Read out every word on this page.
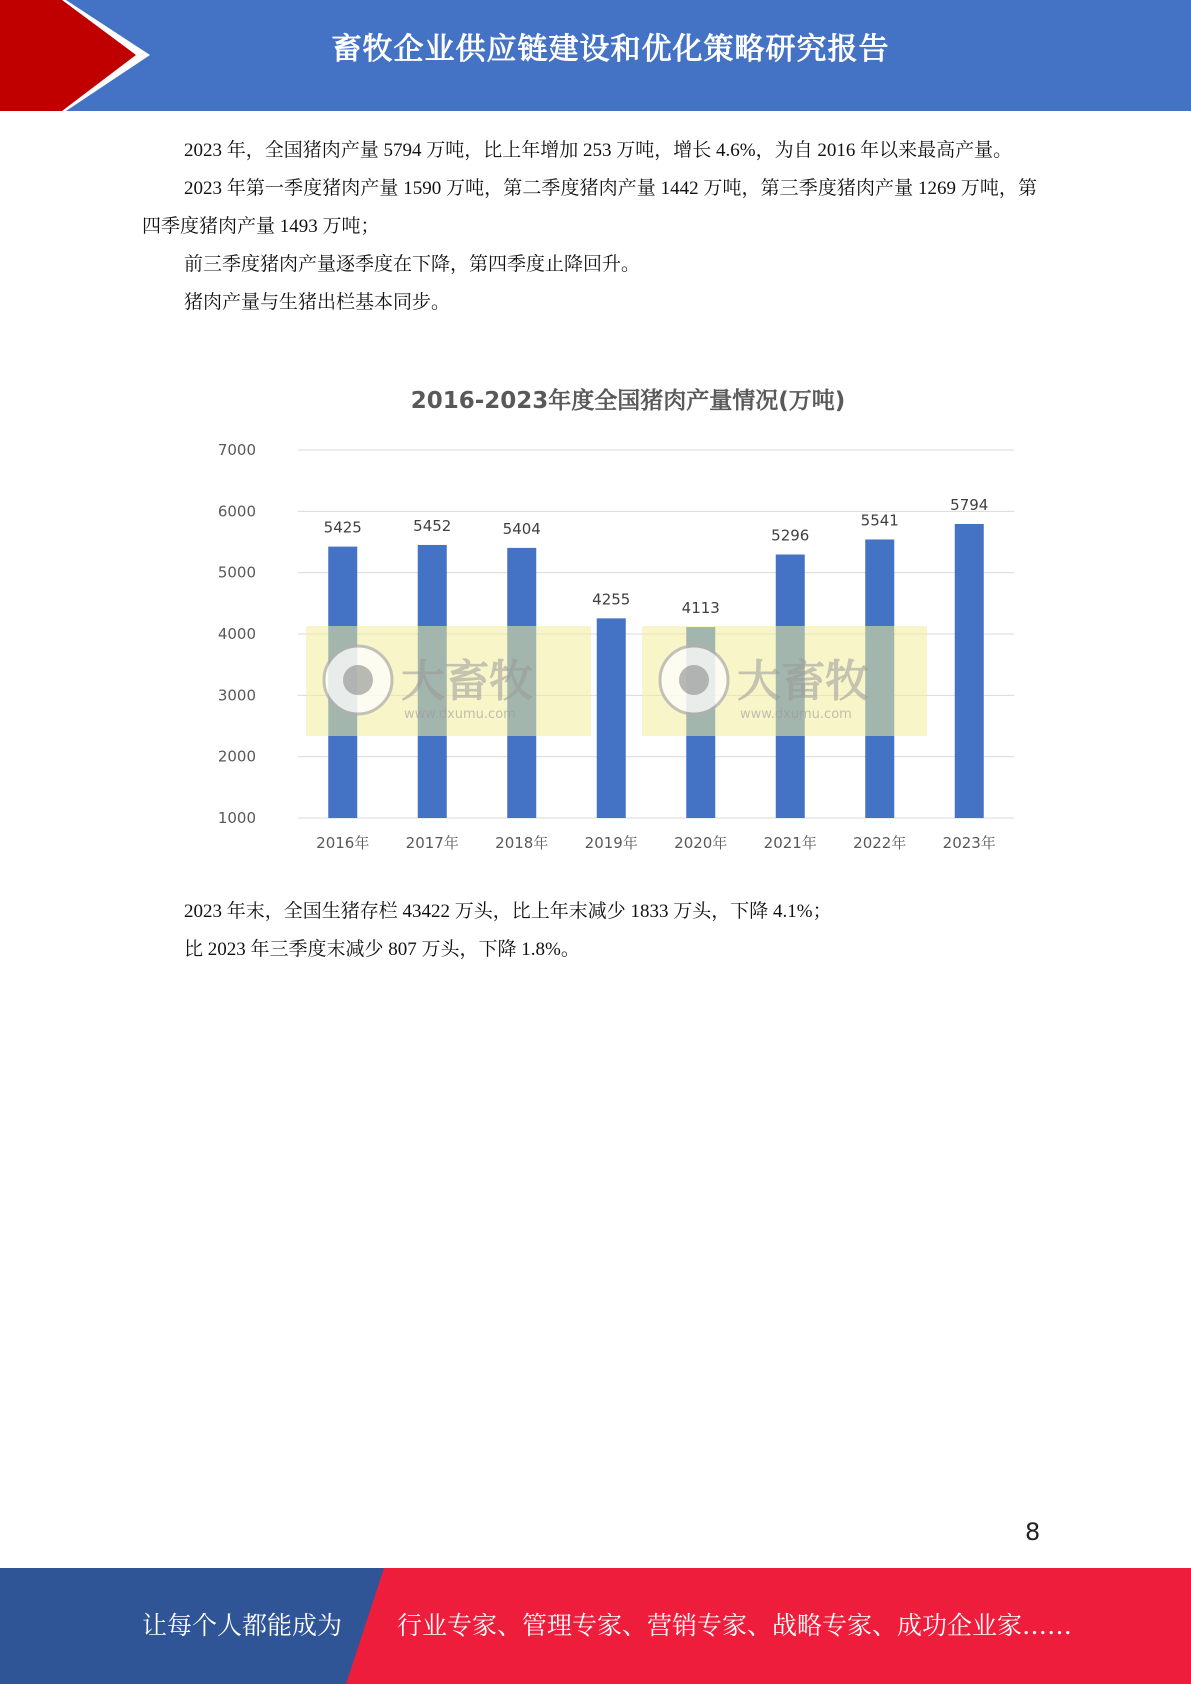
畜牧企业供应链建设和优化策略研究报告

2023 年，全国猪肉产量 5794 万吨，比上年增加 253 万吨，增长 4.6%，为自 2016 年以来最高产量。

2023 年第一季度猪肉产量 1590 万吨，第二季度猪肉产量 1442 万吨，第三季度猪肉产量 1269 万吨，第四季度猪肉产量 1493 万吨；

前三季度猪肉产量逐季度在下降，第四季度止降回升。

猪肉产量与生猪出栏基本同步。

2016-2023年度全国猪肉产量情况(万吨)
1000
2000
3000
4000
5000
6000
7000
大畜牧
www.dxumu.com
大畜牧
www.dxumu.com
5425	5452	5404
4255	4113
5296
5541
5794
2016年 2017年 2018年 2019年 2020年 2021年 2022年 2023年

2023 年末，全国生猪存栏 43422 万头，比上年末减少 1833 万头，下降 4.1%；

比 2023 年三季度末减少 807 万头，下降 1.8%。

8
让每个人都能成为 行业专家、管理专家、营销专家、战略专家、成功企业家……
